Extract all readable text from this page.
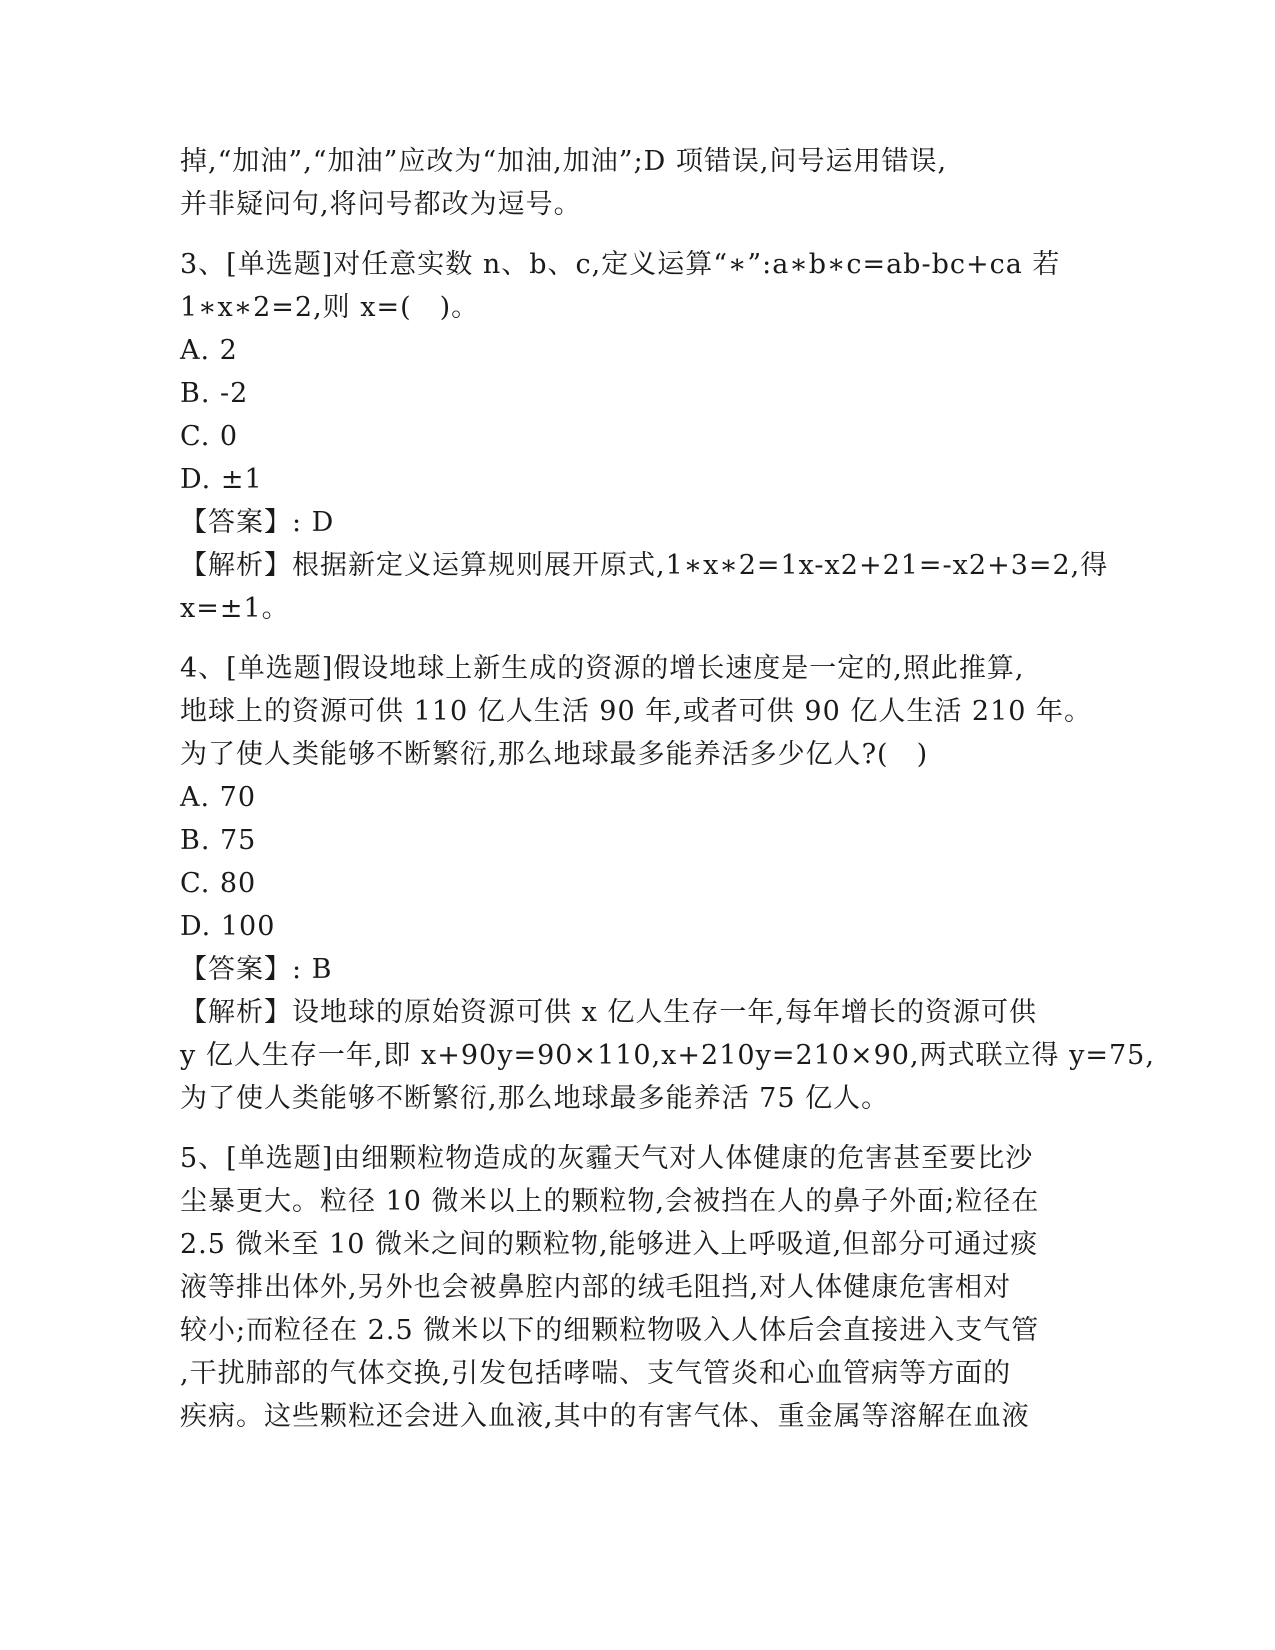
掉,“加油”,“加油”应改为“加油,加油”;D 项错误,问号运用错误,
并非疑问句,将问号都改为逗号。
3、[单选题]对任意实数 n、b、c,定义运算“∗”:a∗b∗c=ab-bc+ca 若
1∗x∗2=2,则 x=(　)。
A. 2
B. -2
C. 0
D. ±1
【答案】: D
【解析】根据新定义运算规则展开原式,1∗x∗2=1x-x2+21=-x2+3=2,得
x=±1。
4、[单选题]假设地球上新生成的资源的增长速度是一定的,照此推算,
地球上的资源可供 110 亿人生活 90 年,或者可供 90 亿人生活 210 年。
为了使人类能够不断繁衍,那么地球最多能养活多少亿人?(　)
A. 70
B. 75
C. 80
D. 100
【答案】: B
【解析】设地球的原始资源可供 x 亿人生存一年,每年增长的资源可供
y 亿人生存一年,即 x+90y=90×110,x+210y=210×90,两式联立得 y=75,
为了使人类能够不断繁衍,那么地球最多能养活 75 亿人。
5、[单选题]由细颗粒物造成的灰霾天气对人体健康的危害甚至要比沙
尘暴更大。粒径 10 微米以上的颗粒物,会被挡在人的鼻子外面;粒径在
2.5 微米至 10 微米之间的颗粒物,能够进入上呼吸道,但部分可通过痰
液等排出体外,另外也会被鼻腔内部的绒毛阻挡,对人体健康危害相对
较小;而粒径在 2.5 微米以下的细颗粒物吸入人体后会直接进入支气管
,干扰肺部的气体交换,引发包括哮喘、支气管炎和心血管病等方面的
疾病。这些颗粒还会进入血液,其中的有害气体、重金属等溶解在血液
